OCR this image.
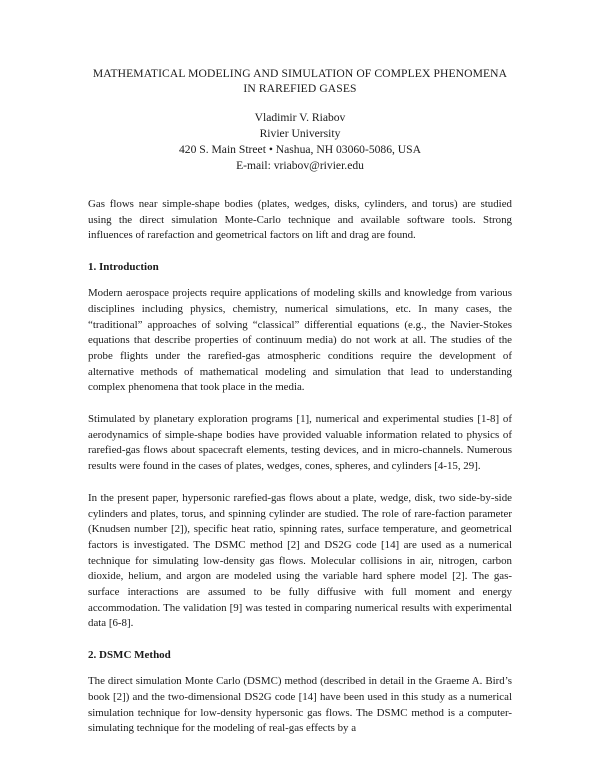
MATHEMATICAL MODELING AND SIMULATION OF COMPLEX PHENOMENA
IN RAREFIED GASES
Vladimir V. Riabov
Rivier University
420 S. Main Street • Nashua, NH 03060-5086, USA
E-mail: vriabov@rivier.edu

Gas flows near simple-shape bodies (plates, wedges, disks, cylinders, and torus) are studied using the direct simulation Monte-Carlo technique and available software tools. Strong influences of rarefaction and geometrical factors on lift and drag are found.

1. Introduction

Modern aerospace projects require applications of modeling skills and knowledge from various disciplines including physics, chemistry, numerical simulations, etc. In many cases, the “traditional” approaches of solving “classical” differential equations (e.g., the Navier-Stokes equations that describe properties of continuum media) do not work at all. The studies of the probe flights under the rarefied-gas atmospheric conditions require the development of alternative methods of mathematical modeling and simulation that lead to understanding complex phenomena that took place in the media.

Stimulated by planetary exploration programs [1], numerical and experimental studies [1-8] of aerodynamics of simple-shape bodies have provided valuable information related to physics of rarefied-gas flows about spacecraft elements, testing devices, and in micro-channels. Numerous results were found in the cases of plates, wedges, cones, spheres, and cylinders [4-15, 29].

In the present paper, hypersonic rarefied-gas flows about a plate, wedge, disk, two side-by-side cylinders and plates, torus, and spinning cylinder are studied. The role of rare-faction parameter (Knudsen number [2]), specific heat ratio, spinning rates, surface temperature, and geometrical factors is investigated. The DSMC method [2] and DS2G code [14] are used as a numerical technique for simulating low-density gas flows. Molecular collisions in air, nitrogen, carbon dioxide, helium, and argon are modeled using the variable hard sphere model [2]. The gas-surface interactions are assumed to be fully diffusive with full moment and energy accommodation. The validation [9] was tested in comparing numerical results with experimental data [6-8].

2. DSMC Method

The direct simulation Monte Carlo (DSMC) method (described in detail in the Graeme A. Bird’s book [2]) and the two-dimensional DS2G code [14] have been used in this study as a numerical simulation technique for low-density hypersonic gas flows. The DSMC method is a computer-simulating technique for the modeling of real-gas effects by a
